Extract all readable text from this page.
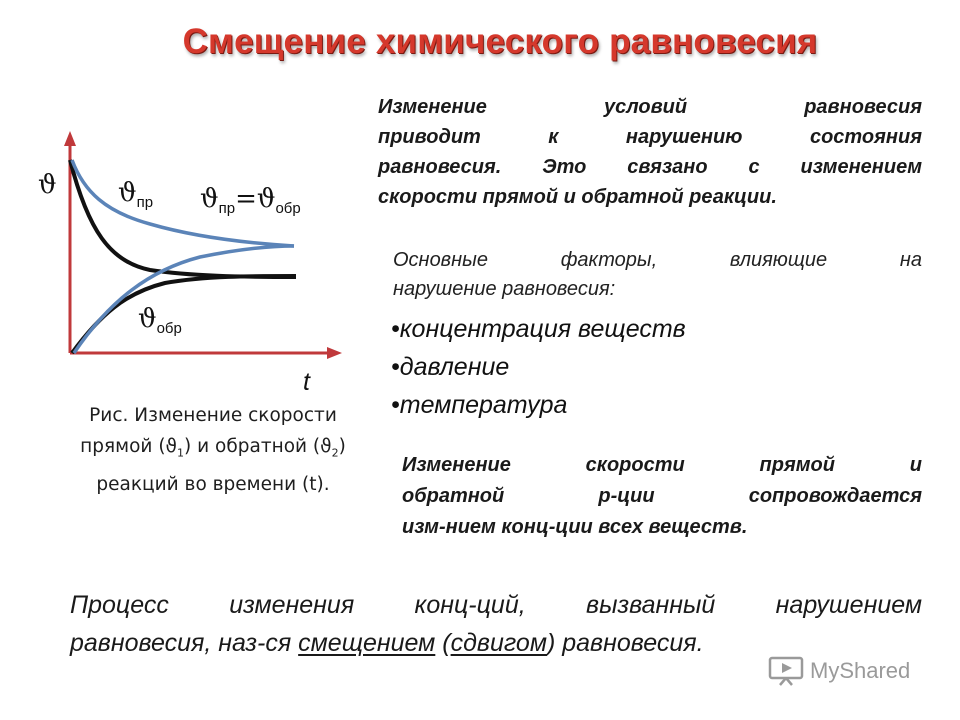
Смещение химического равновесия
ϑ $ϑ_{пр}$ $ϑ_{пр}=ϑ_{обр}$
$ϑ_{обр}$
t
Рис. Изменение скорости
прямой $(ϑ_1)$ и обратной $(ϑ_2)$
реакций во времени (t).
Изменение условий равновесия
приводит к нарушению состояния
равновесия. Это связано с изменением
скорости прямой и обратной реакции.
Основные факторы, влияющие на
нарушение равновесия:
•концентрация веществ
•давление
•температура
Изменение скорости прямой и
обратной р-ции сопровождается
изм-нием конц-ции всех веществ.
Процесс изменения конц-ций, вызванный нарушением
равновесия, наз-ся смещением (сдвигом) равновесия.
MyShared
